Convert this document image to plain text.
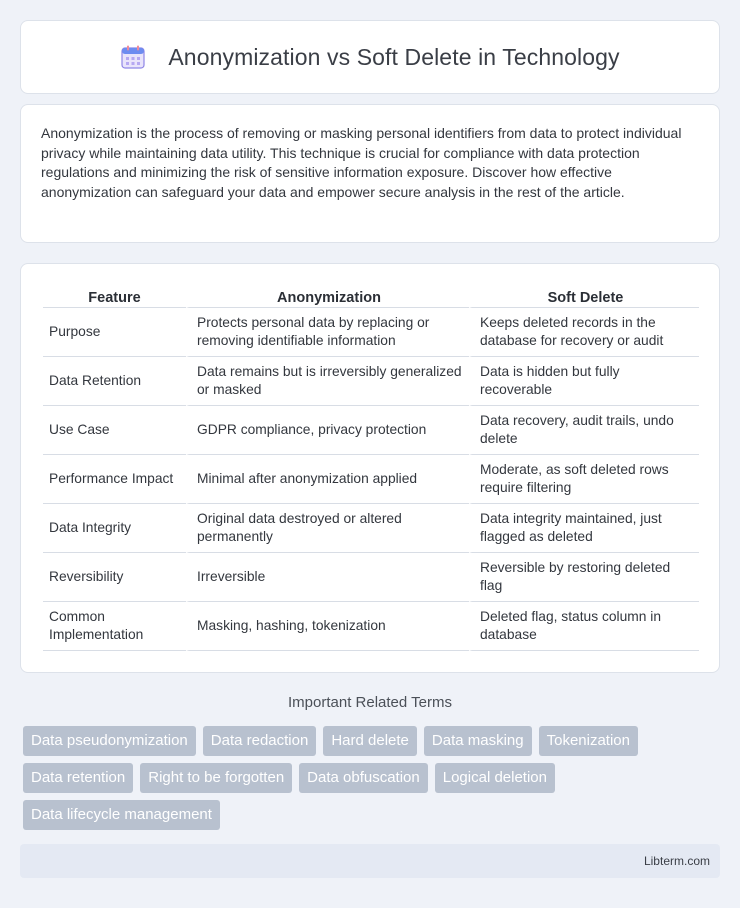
Anonymization vs Soft Delete in Technology

Anonymization is the process of removing or masking personal identifiers from data to protect individual privacy while maintaining data utility. This technique is crucial for compliance with data protection regulations and minimizing the risk of sensitive information exposure. Discover how effective anonymization can safeguard your data and empower secure analysis in the rest of the article.

Feature	Anonymization	Soft Delete
Purpose	Protects personal data by replacing or removing identifiable information	Keeps deleted records in the database for recovery or audit
Data Retention	Data remains but is irreversibly generalized or masked	Data is hidden but fully recoverable
Use Case	GDPR compliance, privacy protection	Data recovery, audit trails, undo delete
Performance Impact	Minimal after anonymization applied	Moderate, as soft deleted rows require filtering
Data Integrity	Original data destroyed or altered permanently	Data integrity maintained, just flagged as deleted
Reversibility	Irreversible	Reversible by restoring deleted flag
Common Implementation	Masking, hashing, tokenization	Deleted flag, status column in database
Important Related Terms
Data pseudonymization	Data redaction	Hard delete	Data masking	Tokenization
Data retention	Right to be forgotten	Data obfuscation	Logical deletion
Data lifecycle management
Libterm.com
